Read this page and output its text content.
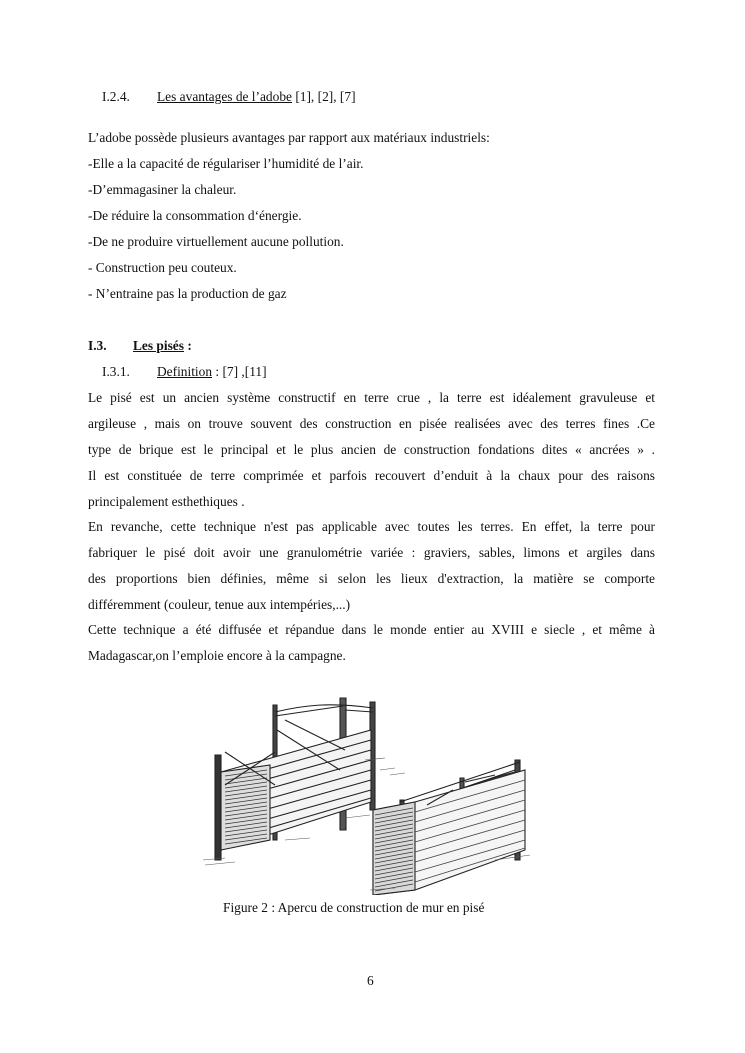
I.2.4. Les avantages de l’adobe [1], [2], [7]
L’adobe possède plusieurs avantages par rapport aux matériaux industriels:
-Elle a la capacité de régulariser l’humidité de l’air.
-D’emmagasiner la chaleur.
-De réduire la consommation d‘énergie.
-De ne produire virtuellement aucune pollution.
- Construction peu couteux.
- N’entraine pas la production de gaz
I.3. Les pisés :
I.3.1. Definition : [7] ,[11]
Le pisé est un ancien système constructif en terre crue , la terre est idéalement gravuleuse et
argileuse , mais on trouve souvent des construction en pisée realisées avec des terres fines .Ce
type de brique est le principal et le plus ancien de construction fondations dites « ancrées » .
Il est constituée de terre comprimée et parfois recouvert d’enduit à la chaux pour des raisons
principalement esthethiques .
En revanche, cette technique n'est pas applicable avec toutes les terres. En effet, la terre pour
fabriquer le pisé doit avoir une granulométrie variée : graviers, sables, limons et argiles dans
des proportions bien définies, même si selon les lieux d'extraction, la matière se comporte
différemment (couleur, tenue aux intempéries,...)
Cette technique a été diffusée et répandue dans le monde entier au XVIII e siecle , et même à
Madagascar,on l’emploie encore à la campagne.
Figure 2 : Apercu de construction de mur en pisé
6
